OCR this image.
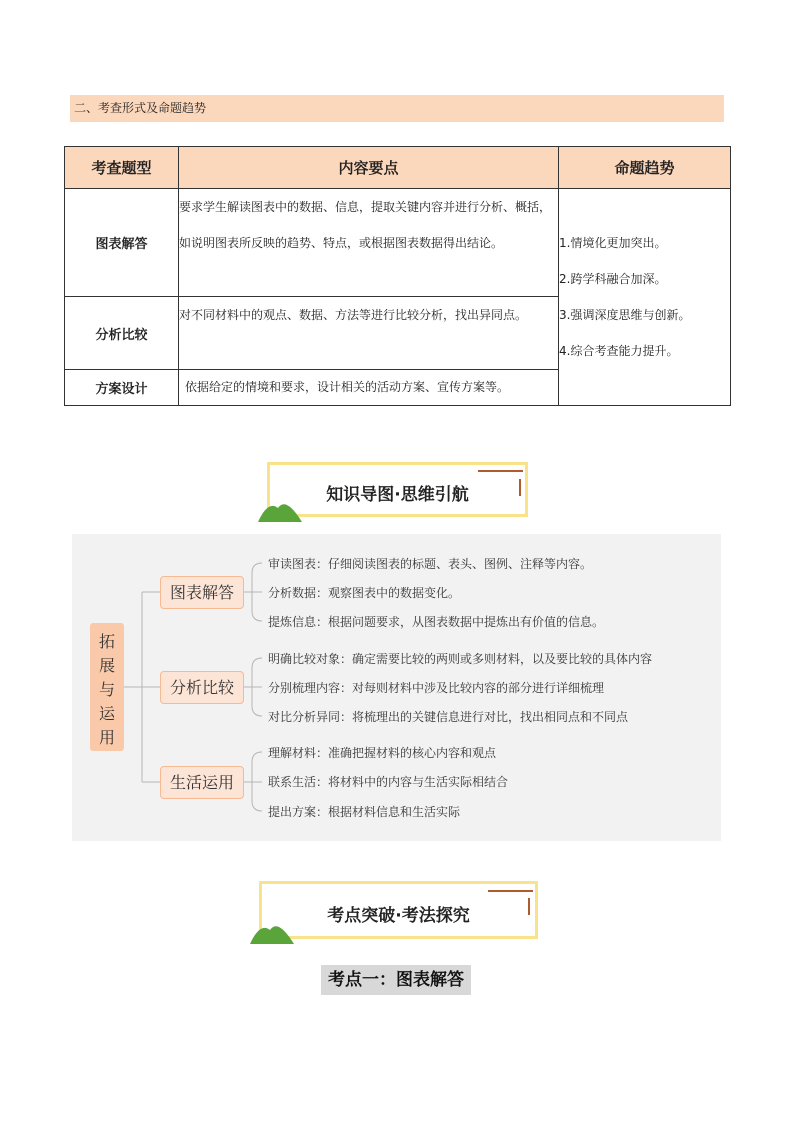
二、考查形式及命题趋势
考查题型	内容要点	命题趋势
图表解答	要求学生解读图表中的数据、信息，提取关键内容并进行分析、概括，如说明图表所反映的趋势、特点，或根据图表数据得出结论。	1.情境化更加突出。
2.跨学科融合加深。
3.强调深度思维与创新。
4.综合考查能力提升。

分析比较	对不同材料中的观点、数据、方法等进行比较分析，找出异同点。	
方案设计	依据给定的情境和要求，设计相关的活动方案、宣传方案等。	
知识导图·思维引航
拓
展
与
运
用
图表解答
分析比较
生活运用
审读图表：仔细阅读图表的标题、表头、图例、注释等内容。
分析数据：观察图表中的数据变化。
提炼信息：根据问题要求，从图表数据中提炼出有价值的信息。
明确比较对象：确定需要比较的两则或多则材料，以及要比较的具体内容
分别梳理内容：对每则材料中涉及比较内容的部分进行详细梳理
对比分析异同：将梳理出的关键信息进行对比，找出相同点和不同点
理解材料：准确把握材料的核心内容和观点
联系生活：将材料中的内容与生活实际相结合
提出方案：根据材料信息和生活实际
考点突破·考法探究
考点一：图表解答
